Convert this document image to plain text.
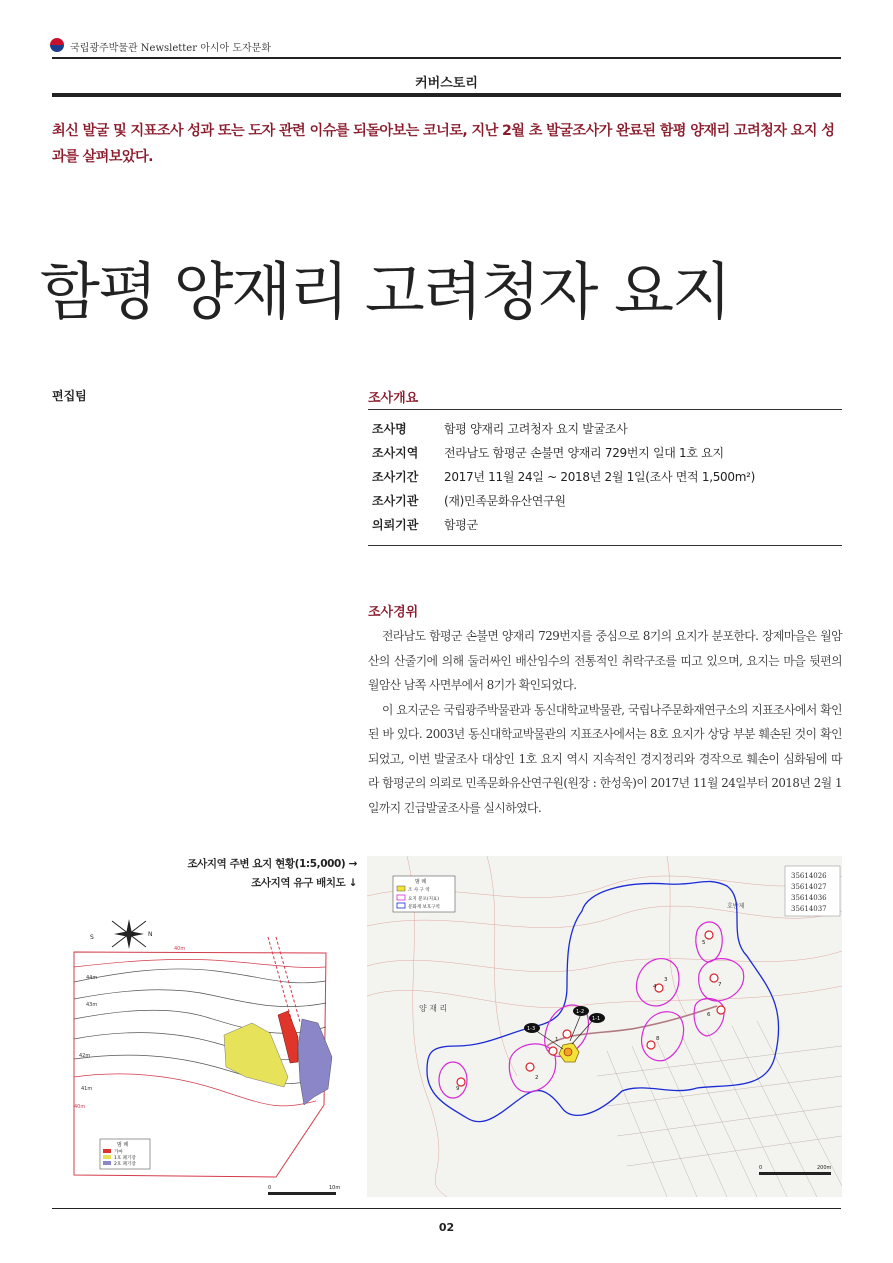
국립광주박물관 Newsletter 아시아 도자문화
커버스토리
최신 발굴 및 지표조사 성과 또는 도자 관련 이슈를 되돌아보는 코너로, 지난 2월 초 발굴조사가 완료된 함평 양재리 고려청자 요지 성과를 살펴보았다.
함평 양재리 고려청자 요지
편집팀	조사개요
조사명	함평 양재리 고려청자 요지 발굴조사
조사지역 전라남도 함평군 손불면 양재리 729번지 일대 1호 요지
조사기간 2017년 11월 24일 ~ 2018년 2월 1일(조사 면적 1,500m²)
조사기관 (재)민족문화유산연구원
의뢰기관 함평군
조사경위

전라남도 함평군 손불면 양재리 729번지를 중심으로 8기의 요지가 분포한다. 장제마을은 월암산의 산줄기에 의해 둘러싸인 배산임수의 전통적인 취락구조를 띠고 있으며, 요지는 마을 뒷편의 월암산 남쪽 사면부에서 8기가 확인되었다.

이 요지군은 국립광주박물관과 동신대학교박물관, 국립나주문화재연구소의 지표조사에서 확인된 바 있다. 2003년 동신대학교박물관의 지표조사에서는 8호 요지가 상당 부분 훼손된 것이 확인되었고, 이번 발굴조사 대상인 1호 요지 역시 지속적인 경지정리와 경작으로 훼손이 심화됨에 따라 함평군의 의뢰로 민족문화유산연구원(원장 : 한성욱)이 2017년 11월 24일부터 2018년 2월 1일까지 긴급발굴조사를 실시하였다.

조사지역 주변 요지 현황(1:5,000) →
조사지역 유구 배치도 ↓
S	N
40m
44m
43m
42m
41m
40m
범 례
가마
1호 폐기장
2호 폐기장
0	10m
35614026
35614027
35614036
35614037
범 례
조 사 구 역
요지 분포(지표)
문화재 보호구역
1
2
3
4
5
6
7
8
9
1-2
1-1
1-3
양 재 리
호반제
0	200m
02
